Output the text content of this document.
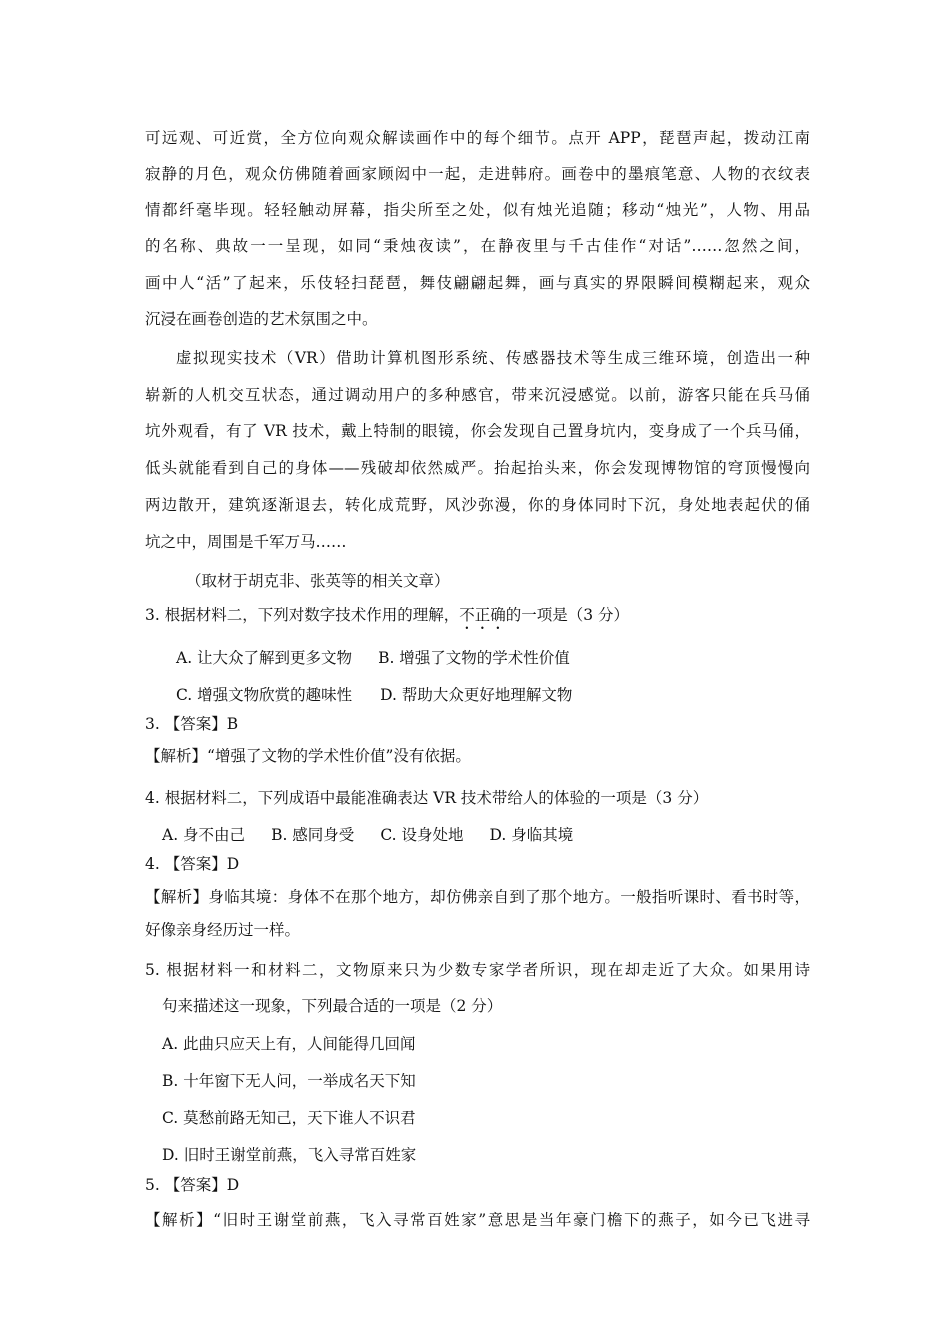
可远观、可近赏，全方位向观众解读画作中的每个细节。点开 APP，琵琶声起，拨动江南
寂静的月色，观众仿佛随着画家顾闳中一起，走进韩府。画卷中的墨痕笔意、人物的衣纹表
情都纤毫毕现。轻轻触动屏幕，指尖所至之处，似有烛光追随；移动“烛光”，人物、用品
的名称、典故一一呈现，如同“秉烛夜读”，在静夜里与千古佳作“对话”……忽然之间，
画中人“活”了起来，乐伎轻扫琵琶，舞伎翩翩起舞，画与真实的界限瞬间模糊起来，观众
沉浸在画卷创造的艺术氛围之中。
虚拟现实技术（VR）借助计算机图形系统、传感器技术等生成三维环境，创造出一种
崭新的人机交互状态，通过调动用户的多种感官，带来沉浸感觉。以前，游客只能在兵马俑
坑外观看，有了 VR 技术，戴上特制的眼镜，你会发现自己置身坑内，变身成了一个兵马俑，
低头就能看到自己的身体——残破却依然威严。抬起抬头来，你会发现博物馆的穹顶慢慢向
两边散开，建筑逐渐退去，转化成荒野，风沙弥漫，你的身体同时下沉，身处地表起伏的俑
坑之中，周围是千军万马……
（取材于胡克非、张英等的相关文章）
3. 根据材料二，下列对数字技术作用的理解，不正确的一项是（3 分）
A. 让大众了解到更多文物 B. 增强了文物的学术性价值
C. 增强文物欣赏的趣味性 D. 帮助大众更好地理解文物
3. 【答案】B
【解析】“增强了文物的学术性价值”没有依据。
4. 根据材料二，下列成语中最能准确表达 VR 技术带给人的体验的一项是（3 分）
A. 身不由己 B. 感同身受 C. 设身处地 D. 身临其境
4. 【答案】D
【解析】身临其境：身体不在那个地方，却仿佛亲自到了那个地方。一般指听课时、看书时等，
好像亲身经历过一样。
5. 根据材料一和材料二，文物原来只为少数专家学者所识，现在却走近了大众。如果用诗
句来描述这一现象，下列最合适的一项是（2 分）
A. 此曲只应天上有，人间能得几回闻
B. 十年窗下无人问，一举成名天下知
C. 莫愁前路无知己，天下谁人不识君
D. 旧时王谢堂前燕，飞入寻常百姓家
5. 【答案】D
【解析】“旧时王谢堂前燕，飞入寻常百姓家”意思是当年豪门檐下的燕子，如今已飞进寻
